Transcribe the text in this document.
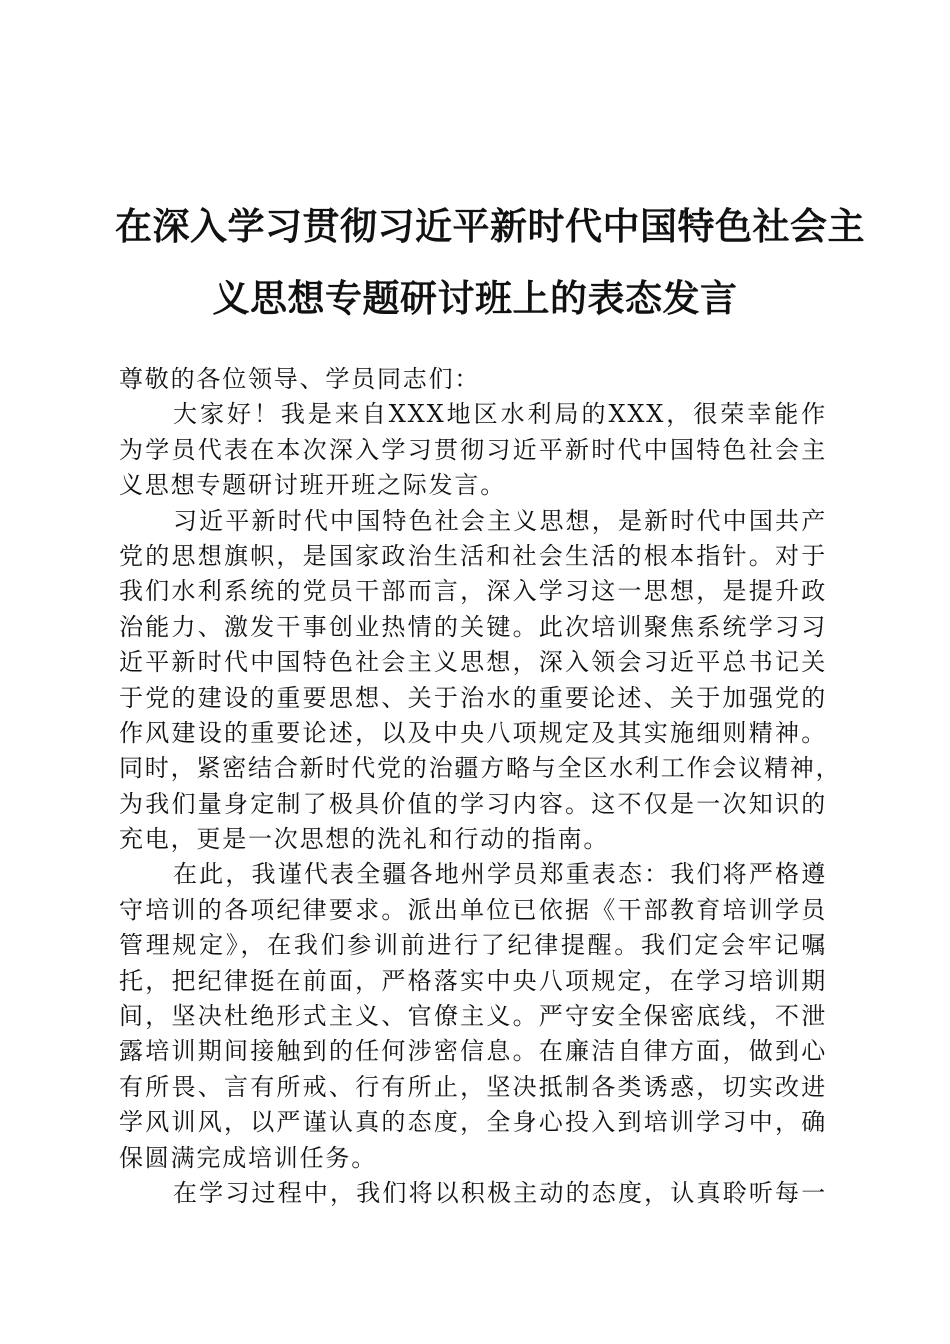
在深入学习贯彻习近平新时代中国特色社会主
义思想专题研讨班上的表态发言
尊敬的各位领导、学员同志们：
大家好！我是来自XXX地区水利局的XXX，很荣幸能作
为学员代表在本次深入学习贯彻习近平新时代中国特色社会主
义思想专题研讨班开班之际发言。
习近平新时代中国特色社会主义思想，是新时代中国共产
党的思想旗帜，是国家政治生活和社会生活的根本指针。对于
我们水利系统的党员干部而言，深入学习这一思想，是提升政
治能力、激发干事创业热情的关键。此次培训聚焦系统学习习
近平新时代中国特色社会主义思想，深入领会习近平总书记关
于党的建设的重要思想、关于治水的重要论述、关于加强党的
作风建设的重要论述，以及中央八项规定及其实施细则精神。
同时，紧密结合新时代党的治疆方略与全区水利工作会议精神，
为我们量身定制了极具价值的学习内容。这不仅是一次知识的
充电，更是一次思想的洗礼和行动的指南。
在此，我谨代表全疆各地州学员郑重表态：我们将严格遵
守培训的各项纪律要求。派出单位已依据《干部教育培训学员
管理规定》，在我们参训前进行了纪律提醒。我们定会牢记嘱
托，把纪律挺在前面，严格落实中央八项规定，在学习培训期
间，坚决杜绝形式主义、官僚主义。严守安全保密底线，不泄
露培训期间接触到的任何涉密信息。在廉洁自律方面，做到心
有所畏、言有所戒、行有所止，坚决抵制各类诱惑，切实改进
学风训风，以严谨认真的态度，全身心投入到培训学习中，确
保圆满完成培训任务。
在学习过程中，我们将以积极主动的态度，认真聆听每一
